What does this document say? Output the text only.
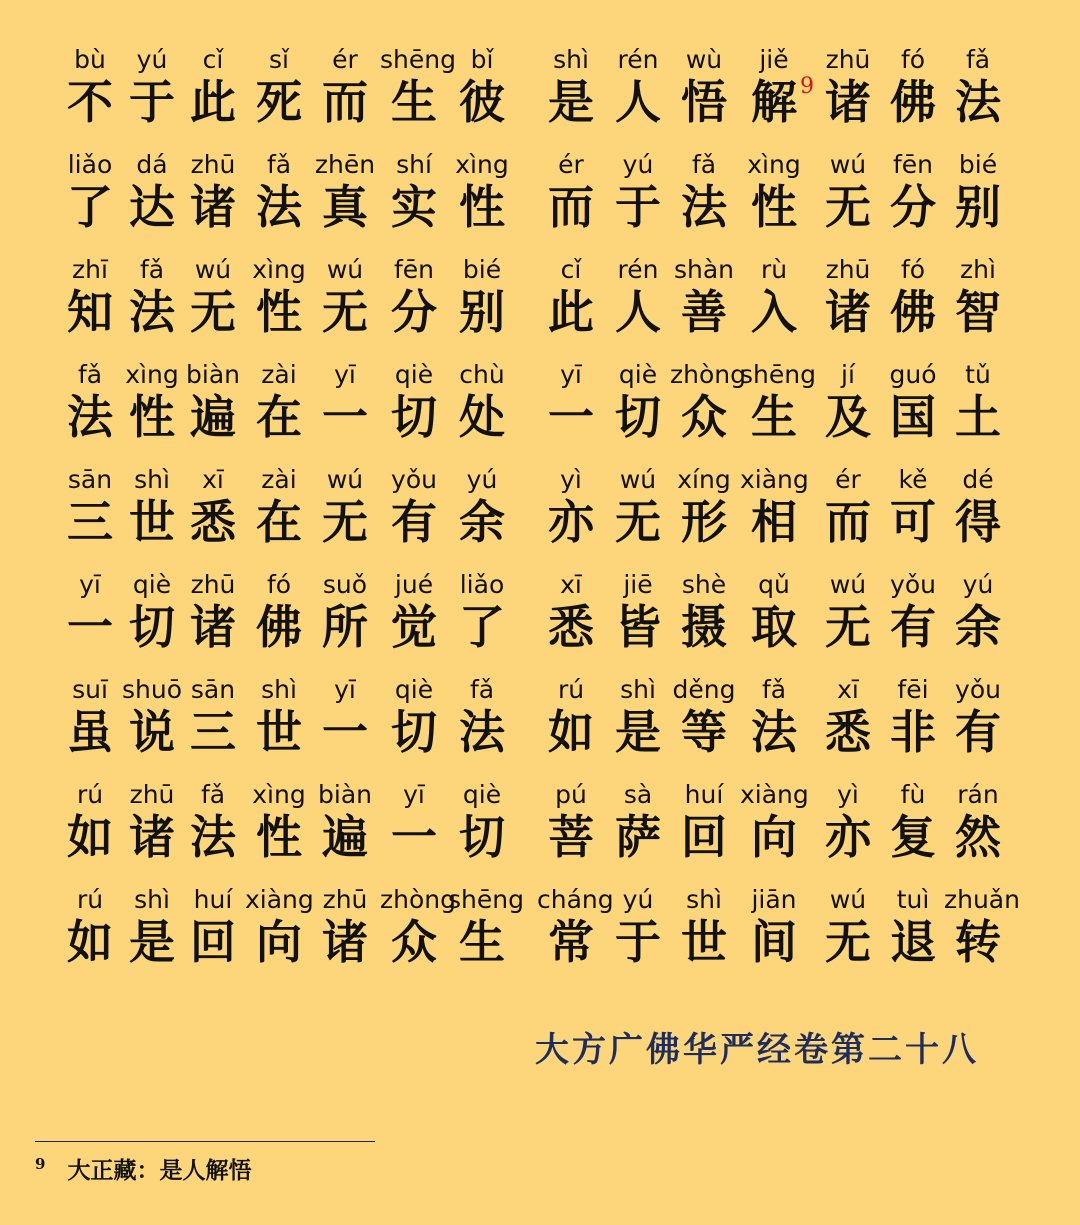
bù
不
yú
于
cǐ
此
sǐ
死
ér
而
shēng
生
bǐ
彼
shì
是
rén
人
wù
悟
jiě
解
zhū
诸
fó
佛
fǎ
法
liǎo
了
dá
达
zhū
诸
fǎ
法
zhēn
真
shí
实
xìng
性
ér
而
yú
于
fǎ
法
xìng
性
wú
无
fēn
分
bié
别
zhī
知
fǎ
法
wú
无
xìng
性
wú
无
fēn
分
bié
别
cǐ
此
rén
人
shàn
善
rù
入
zhū
诸
fó
佛
zhì
智
fǎ
法
xìng
性
biàn
遍
zài
在
yī
一
qiè
切
chù
处
yī
一
qiè
切
zhòng
众
shēng
生
jí
及
guó
国
tǔ
土
sān
三
shì
世
xī
悉
zài
在
wú
无
yǒu
有
yú
余
yì
亦
wú
无
xíng
形
xiàng
相
ér
而
kě
可
dé
得
yī
一
qiè
切
zhū
诸
fó
佛
suǒ
所
jué
觉
liǎo
了
xī
悉
jiē
皆
shè
摄
qǔ
取
wú
无
yǒu
有
yú
余
suī
虽
shuō
说
sān
三
shì
世
yī
一
qiè
切
fǎ
法
rú
如
shì
是
děng
等
fǎ
法
xī
悉
fēi
非
yǒu
有
rú
如
zhū
诸
fǎ
法
xìng
性
biàn
遍
yī
一
qiè
切
pú
菩
sà
萨
huí
回
xiàng
向
yì
亦
fù
复
rán
然
rú
如
shì
是
huí
回
xiàng
向
zhū
诸
zhòng
众
shēng
生
cháng
常
yú
于
shì
世
jiān
间
wú
无
tuì
退
zhuǎn
转
9
大方广佛华严经卷第二十八
$^9$ 大正藏：是人解悟
